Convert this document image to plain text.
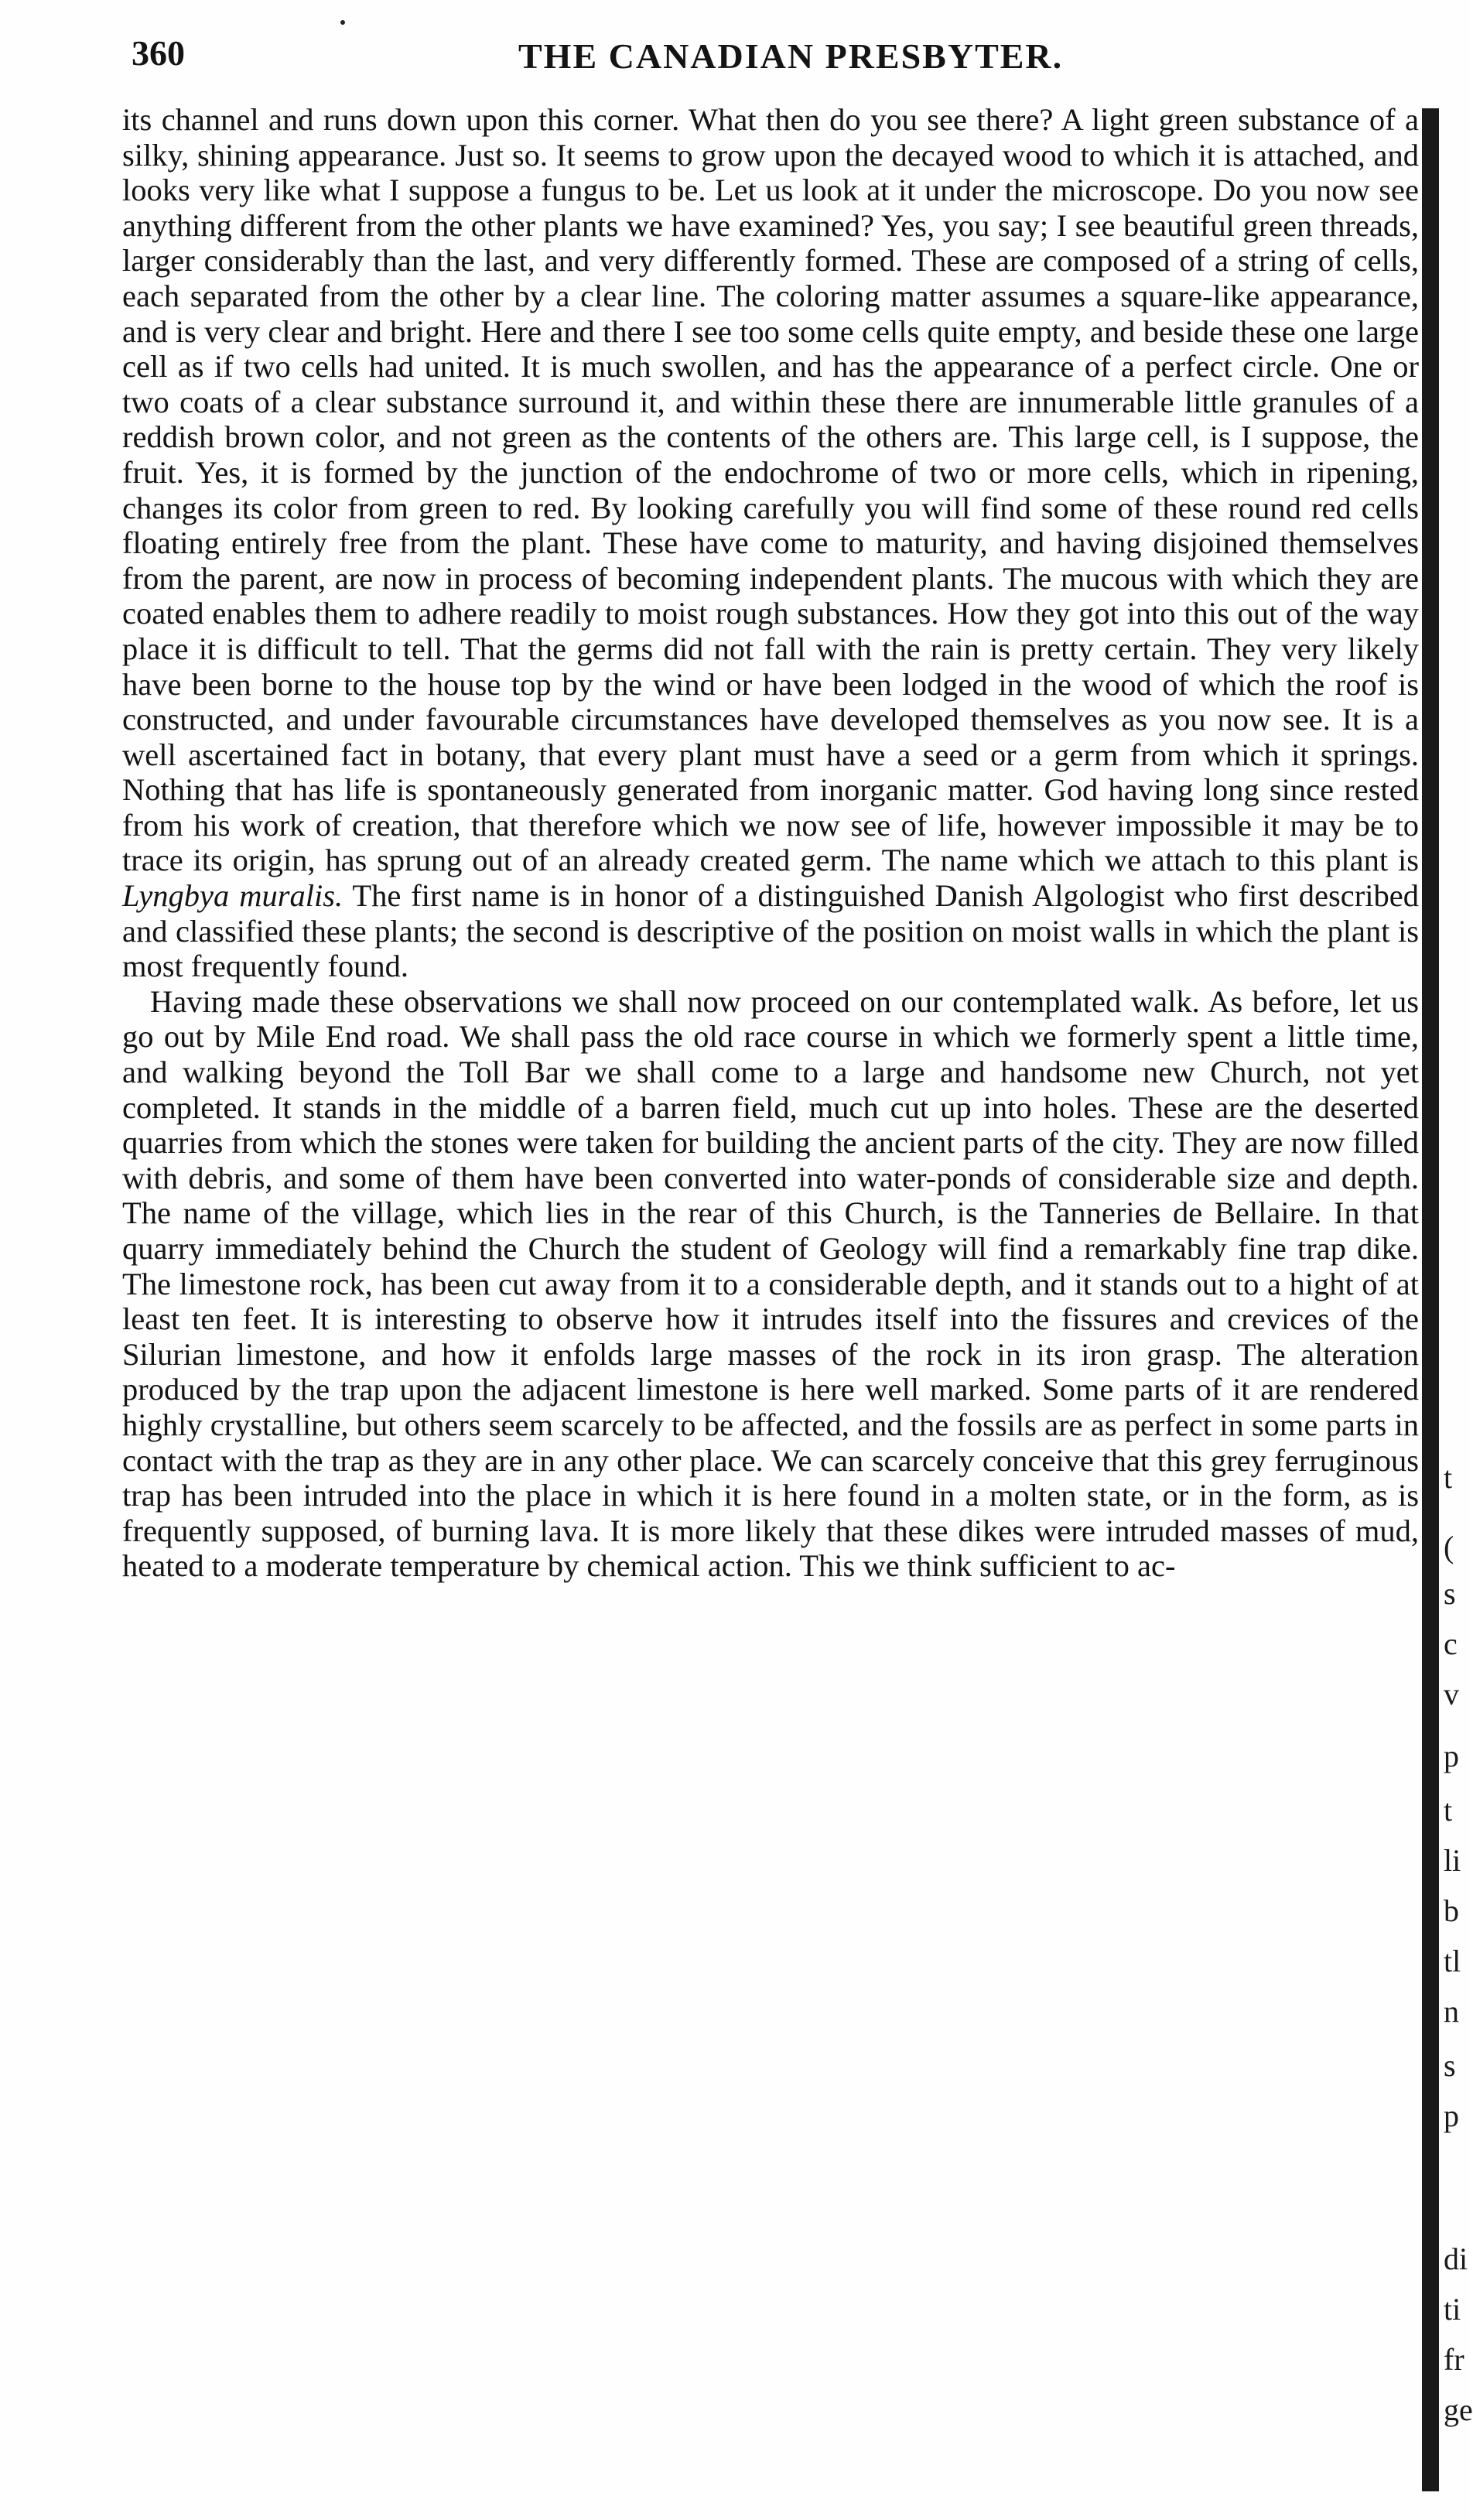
360	THE CANADIAN PRESBYTER.

its channel and runs down upon this corner. What then do you see there? A light green substance of a silky, shining appearance. Just so. It seems to grow upon the decayed wood to which it is attached, and looks very like what I suppose a fungus to be. Let us look at it under the microscope. Do you now see anything different from the other plants we have examined? Yes, you say; I see beautiful green threads, larger considerably than the last, and very differently formed. These are composed of a string of cells, each separated from the other by a clear line. The coloring matter assumes a square-like appearance, and is very clear and bright. Here and there I see too some cells quite empty, and beside these one large cell as if two cells had united. It is much swollen, and has the appearance of a perfect circle. One or two coats of a clear substance surround it, and within these there are innumerable little granules of a reddish brown color, and not green as the contents of the others are. This large cell, is I suppose, the fruit. Yes, it is formed by the junction of the endochrome of two or more cells, which in ripening, changes its color from green to red. By looking carefully you will find some of these round red cells floating entirely free from the plant. These have come to maturity, and having disjoined themselves from the parent, are now in process of becoming independent plants. The mucous with which they are coated enables them to adhere readily to moist rough substances. How they got into this out of the way place it is difficult to tell. That the germs did not fall with the rain is pretty certain. They very likely have been borne to the house top by the wind or have been lodged in the wood of which the roof is constructed, and under favourable circumstances have developed themselves as you now see. It is a well ascertained fact in botany, that every plant must have a seed or a germ from which it springs. Nothing that has life is spontaneously generated from inorganic matter. God having long since rested from his work of creation, that therefore which we now see of life, however impossible it may be to trace its origin, has sprung out of an already created germ. The name which we attach to this plant is Lyngbya muralis. The first name is in honor of a distinguished Danish Algologist who first described and classified these plants; the second is descriptive of the position on moist walls in which the plant is most frequently found.

Having made these observations we shall now proceed on our contemplated walk. As before, let us go out by Mile End road. We shall pass the old race course in which we formerly spent a little time, and walking beyond the Toll Bar we shall come to a large and handsome new Church, not yet completed. It stands in the middle of a barren field, much cut up into holes. These are the deserted quarries from which the stones were taken for building the ancient parts of the city. They are now filled with debris, and some of them have been converted into water-ponds of considerable size and depth. The name of the village, which lies in the rear of this Church, is the Tanneries de Bellaire. In that quarry immediately behind the Church the student of Geology will find a remarkably fine trap dike. The limestone rock, has been cut away from it to a considerable depth, and it stands out to a hight of at least ten feet. It is interesting to observe how it intrudes itself into the fissures and crevices of the Silurian limestone, and how it enfolds large masses of the rock in its iron grasp. The alteration produced by the trap upon the adjacent limestone is here well marked. Some parts of it are rendered highly crystalline, but others seem scarcely to be affected, and the fossils are as perfect in some parts in contact with the trap as they are in any other place. We can scarcely conceive that this grey ferruginous trap has been intruded into the place in which it is here found in a molten state, or in the form, as is frequently supposed, of burning lava. It is more likely that these dikes were intruded masses of mud, heated to a moderate temperature by chemical action. This we think sufficient to ac-

t
(
s
c
v
p
t
li
b
tl
n
s
p
di
ti
fr
ge
